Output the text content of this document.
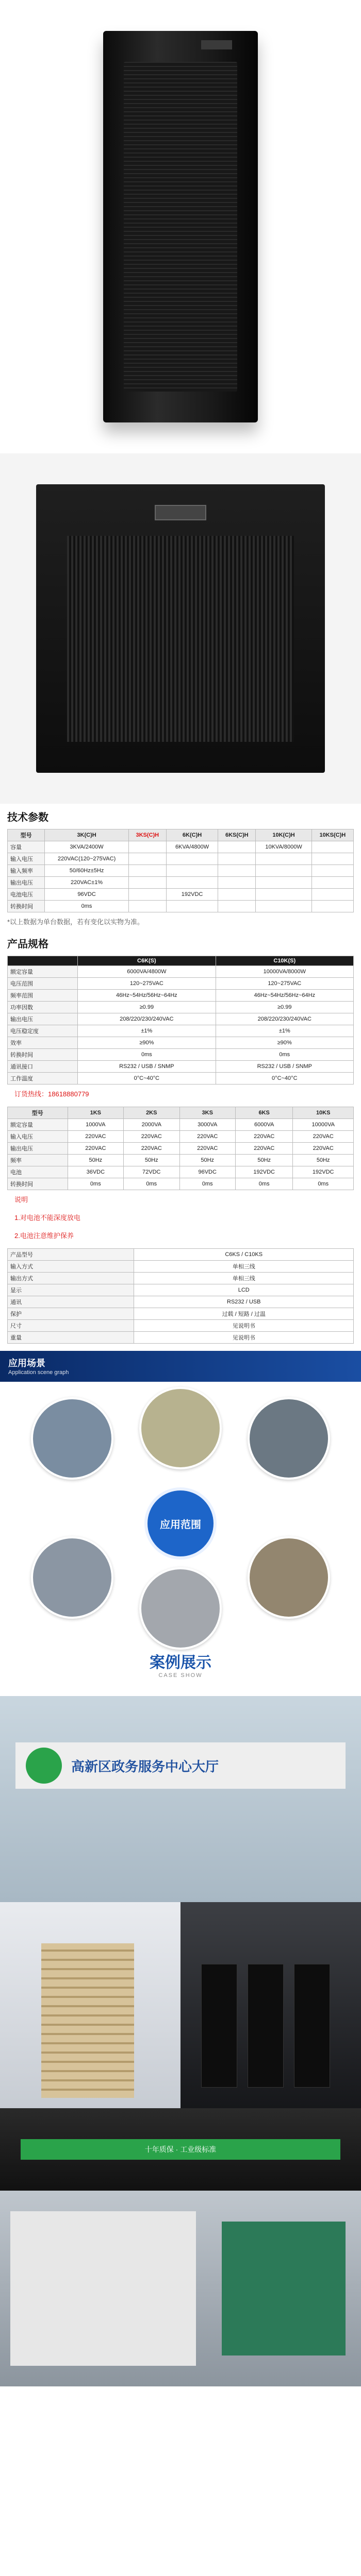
技术参数
型号	3K(C)H	3KS(C)H	6K(C)H	6KS(C)H	10K(C)H	10KS(C)H
容量	3KVA/2400W		6KVA/4800W		10KVA/8000W	
输入电压	220VAC(120~275VAC)					
输入频率	50/60Hz±5Hz					
输出电压	220VAC±1%					
电池电压	96VDC		192VDC			
转换时间	0ms					
*以上数据为单台数据，若有变化以实物为准。
产品规格
	C6K(S)	C10K(S)
额定容量	6000VA/4800W	10000VA/8000W
电压范围	120~275VAC	120~275VAC
频率范围	46Hz~54Hz/56Hz~64Hz	46Hz~54Hz/56Hz~64Hz
功率因数	≥0.99	≥0.99
输出电压	208/220/230/240VAC	208/220/230/240VAC
电压稳定度	±1%	±1%
效率	≥90%	≥90%
转换时间	0ms	0ms
通讯接口	RS232 / USB / SNMP	RS232 / USB / SNMP
工作温度	0°C~40°C	0°C~40°C
订货热线：18618880779
型号	1KS	2KS	3KS	6KS	10KS
额定容量	1000VA	2000VA	3000VA	6000VA	10000VA
输入电压	220VAC	220VAC	220VAC	220VAC	220VAC
输出电压	220VAC	220VAC	220VAC	220VAC	220VAC
频率	50Hz	50Hz	50Hz	50Hz	50Hz
电池	36VDC	72VDC	96VDC	192VDC	192VDC
转换时间	0ms	0ms	0ms	0ms	0ms
说明
1.对电池不能深度放电
2.电池注意维护保养
产品型号	C6KS / C10KS
输入方式	单相三线
输出方式	单相三线
显示	LCD
通讯	RS232 / USB
保护	过载 / 短路 / 过温
尺寸	见说明书
重量	见说明书
应用场景
Application scene graph
应用范围
案例展示
CASE SHOW
高新区政务服务中心大厅
十年质保 · 工业级标准
